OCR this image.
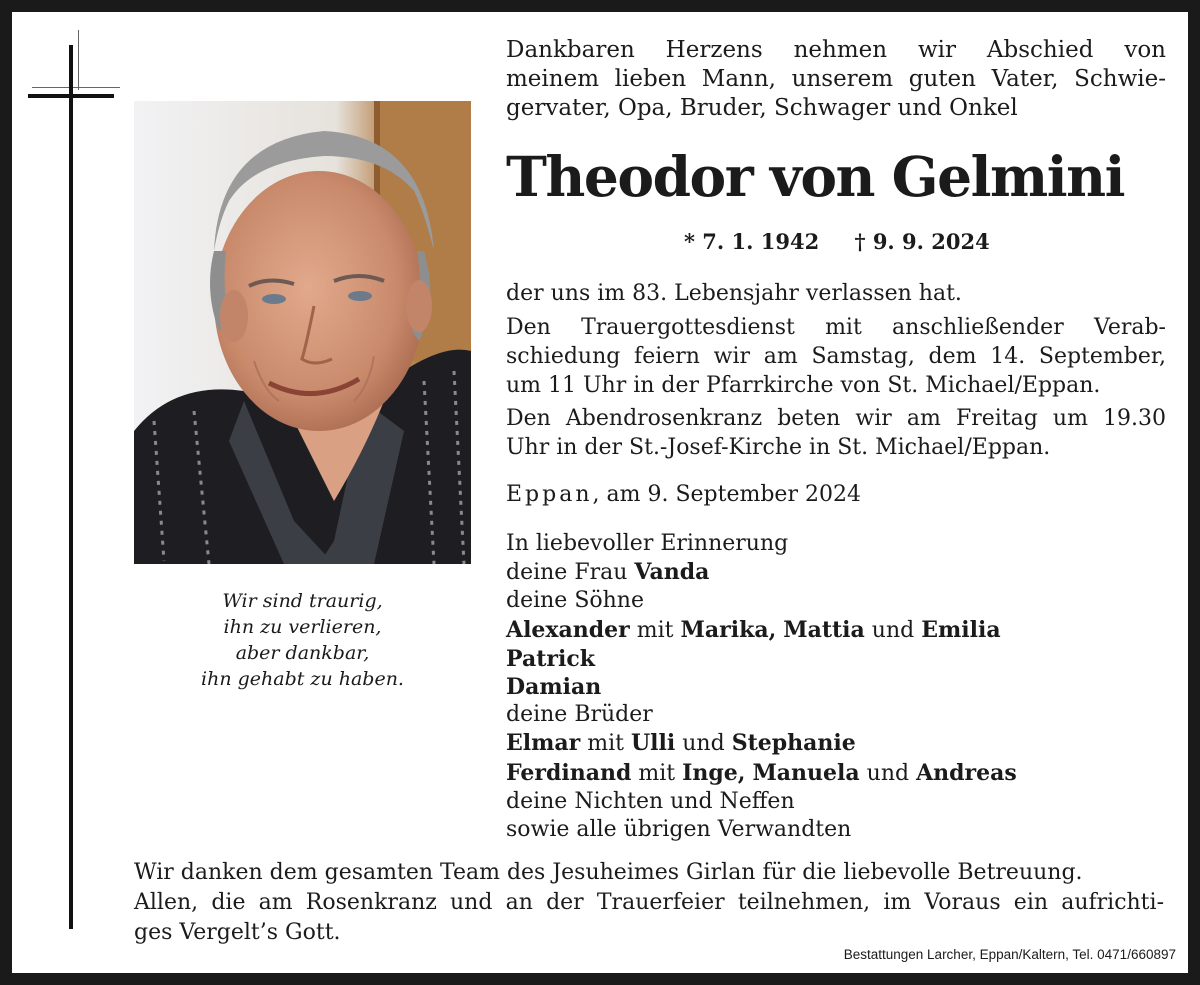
Wir sind traurig,
ihn zu verlieren,
aber dankbar,
ihn gehabt zu haben.
Dankbaren Herzens nehmen wir Abschied von
meinem lieben Mann, unserem guten Vater, Schwie-
gervater, Opa, Bruder, Schwager und Onkel
Theodor von Gelmini
* 7. 1. 1942 † 9. 9. 2024
der uns im 83. Lebensjahr verlassen hat.
Den Trauergottesdienst mit anschließender Verab-
schiedung feiern wir am Samstag, dem 14. September,
um 11 Uhr in der Pfarrkirche von St. Michael/Eppan.
Den Abendrosenkranz beten wir am Freitag um 19.30
Uhr in der St.-Josef-Kirche in St. Michael/Eppan.
Eppan, am 9. September 2024
In liebevoller Erinnerung
deine Frau Vanda
deine Söhne
Alexander mit Marika, Mattia und Emilia
Patrick
Damian
deine Brüder
Elmar mit Ulli und Stephanie
Ferdinand mit Inge, Manuela und Andreas
deine Nichten und Neffen
sowie alle übrigen Verwandten
Wir danken dem gesamten Team des Jesuheimes Girlan für die liebevolle Betreuung.
Allen, die am Rosenkranz und an der Trauerfeier teilnehmen, im Voraus ein aufrichti-
ges Vergelt’s Gott.
Bestattungen Larcher, Eppan/Kaltern, Tel. 0471/660897
